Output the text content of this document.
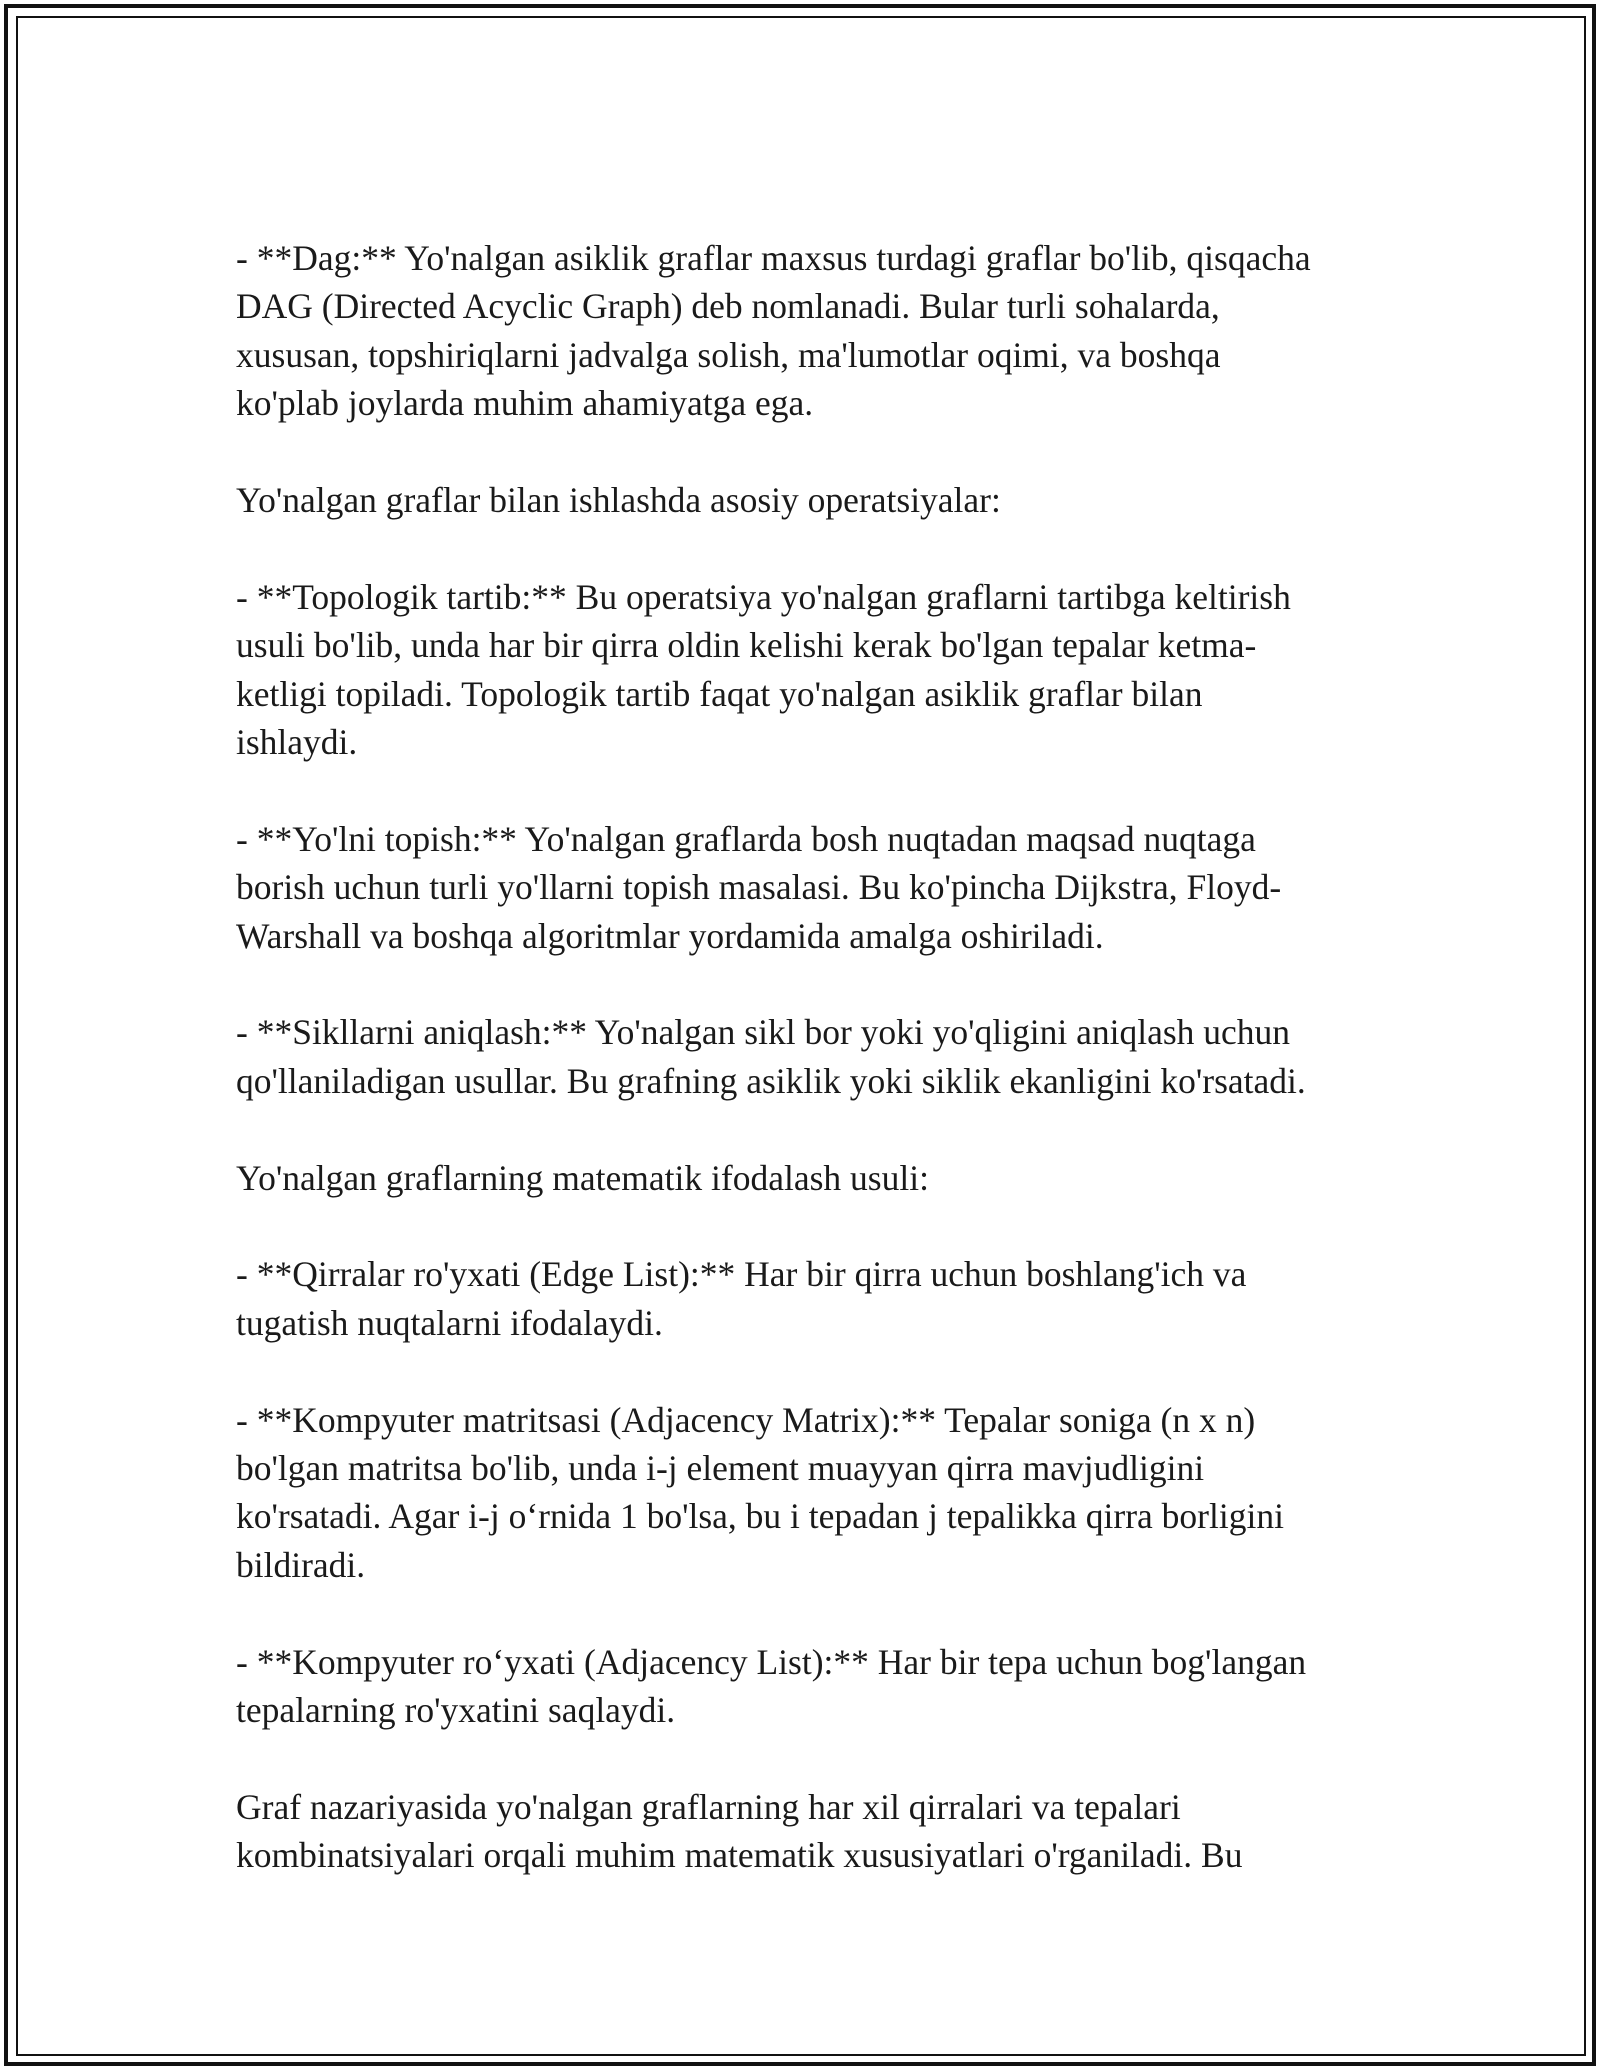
- **Dag:** Yo'nalgan asiklik graflar maxsus turdagi graflar bo'lib, qisqacha
DAG (Directed Acyclic Graph) deb nomlanadi. Bular turli sohalarda,
xususan, topshiriqlarni jadvalga solish, ma'lumotlar oqimi, va boshqa
ko'plab joylarda muhim ahamiyatga ega.

Yo'nalgan graflar bilan ishlashda asosiy operatsiyalar:

- **Topologik tartib:** Bu operatsiya yo'nalgan graflarni tartibga keltirish
usuli bo'lib, unda har bir qirra oldin kelishi kerak bo'lgan tepalar ketma-
ketligi topiladi. Topologik tartib faqat yo'nalgan asiklik graflar bilan
ishlaydi.

- **Yo'lni topish:** Yo'nalgan graflarda bosh nuqtadan maqsad nuqtaga
borish uchun turli yo'llarni topish masalasi. Bu ko'pincha Dijkstra, Floyd-
Warshall va boshqa algoritmlar yordamida amalga oshiriladi.

- **Sikllarni aniqlash:** Yo'nalgan sikl bor yoki yo'qligini aniqlash uchun
qo'llaniladigan usullar. Bu grafning asiklik yoki siklik ekanligini ko'rsatadi.

Yo'nalgan graflarning matematik ifodalash usuli:

- **Qirralar ro'yxati (Edge List):** Har bir qirra uchun boshlang'ich va
tugatish nuqtalarni ifodalaydi.

- **Kompyuter matritsasi (Adjacency Matrix):** Tepalar soniga (n x n)
bo'lgan matritsa bo'lib, unda i-j element muayyan qirra mavjudligini
ko'rsatadi. Agar i-j o‘rnida 1 bo'lsa, bu i tepadan j tepalikka qirra borligini
bildiradi.

- **Kompyuter ro‘yxati (Adjacency List):** Har bir tepa uchun bog'langan
tepalarning ro'yxatini saqlaydi.

Graf nazariyasida yo'nalgan graflarning har xil qirralari va tepalari
kombinatsiyalari orqali muhim matematik xususiyatlari o'rganiladi. Bu
